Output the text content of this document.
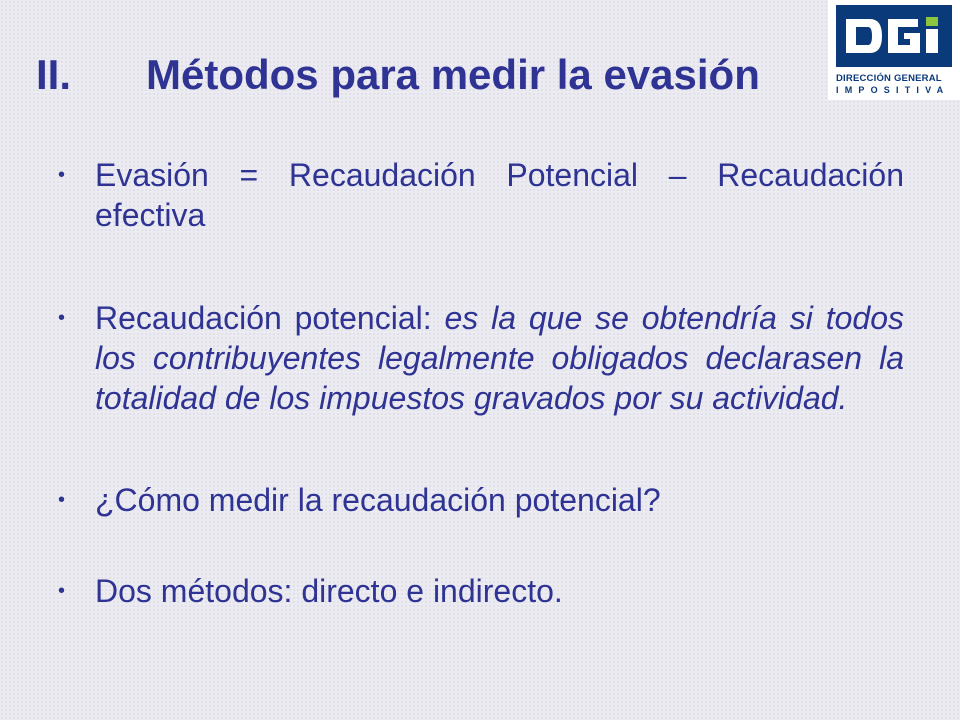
II. Métodos para medir la evasión	DIRECCIÓN GENERAL
IMPOSITIVA
• Evasión = Recaudación Potencial – Recaudación efectiva
• Recaudación potencial: es la que se obtendría si todos los contribuyentes legalmente obligados declarasen la totalidad de los impuestos gravados por su actividad.
• ¿Cómo medir la recaudación potencial?
• Dos métodos: directo e indirecto.
